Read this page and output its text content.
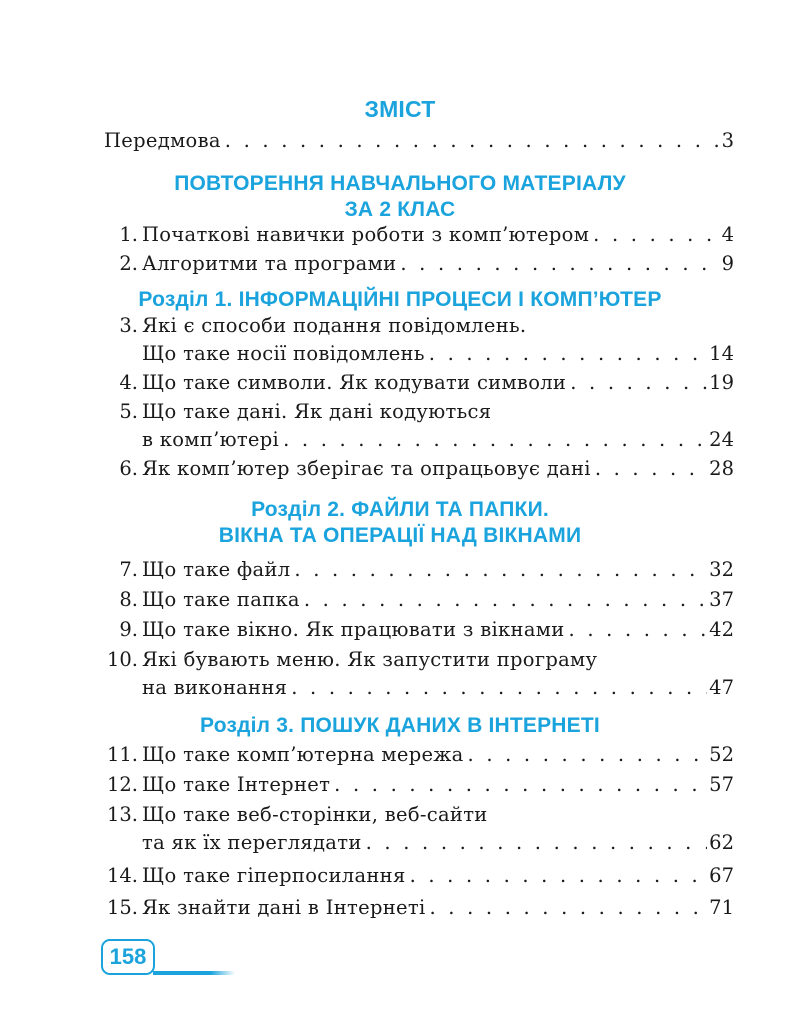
ЗМІСТ
Передмова . . .	3
ПОВТОРЕННЯ НАВЧАЛЬНОГО МАТЕРІАЛУ
ЗА 2 КЛАС
1. Початкові навички роботи з комп’ютером . . .	4
2. Алгоритми та програми . . .	9
Розділ 1. ІНФОРМАЦІЙНІ ПРОЦЕСИ І КОМП’ЮТЕР
3. Які є способи подання повідомлень.
Що таке носії повідомлень . . .	14
4. Що таке символи. Як кодувати символи . . .	19
5. Що таке дані. Як дані кодуються
в комп’ютері . . .	24
6. Як комп’ютер зберігає та опрацьовує дані . . .	28
Розділ 2. ФАЙЛИ ТА ПАПКИ.
ВІКНА ТА ОПЕРАЦІЇ НАД ВІКНАМИ
7. Що таке файл . . .	32
8. Що таке папка . . .	37
9. Що таке вікно. Як працювати з вікнами . . .	42
10. Які бувають меню. Як запустити програму
на виконання . . .	47
Розділ 3. ПОШУК ДАНИХ В ІНТЕРНЕТІ
11. Що таке комп’ютерна мережа . . .	52
12. Що таке Інтернет . . .	57
13. Що таке веб-сторінки, веб-сайти
та як їх переглядати . . .	62
14. Що таке гіперпосилання . . .	67
15. Як знайти дані в Інтернеті . . .	71
158
